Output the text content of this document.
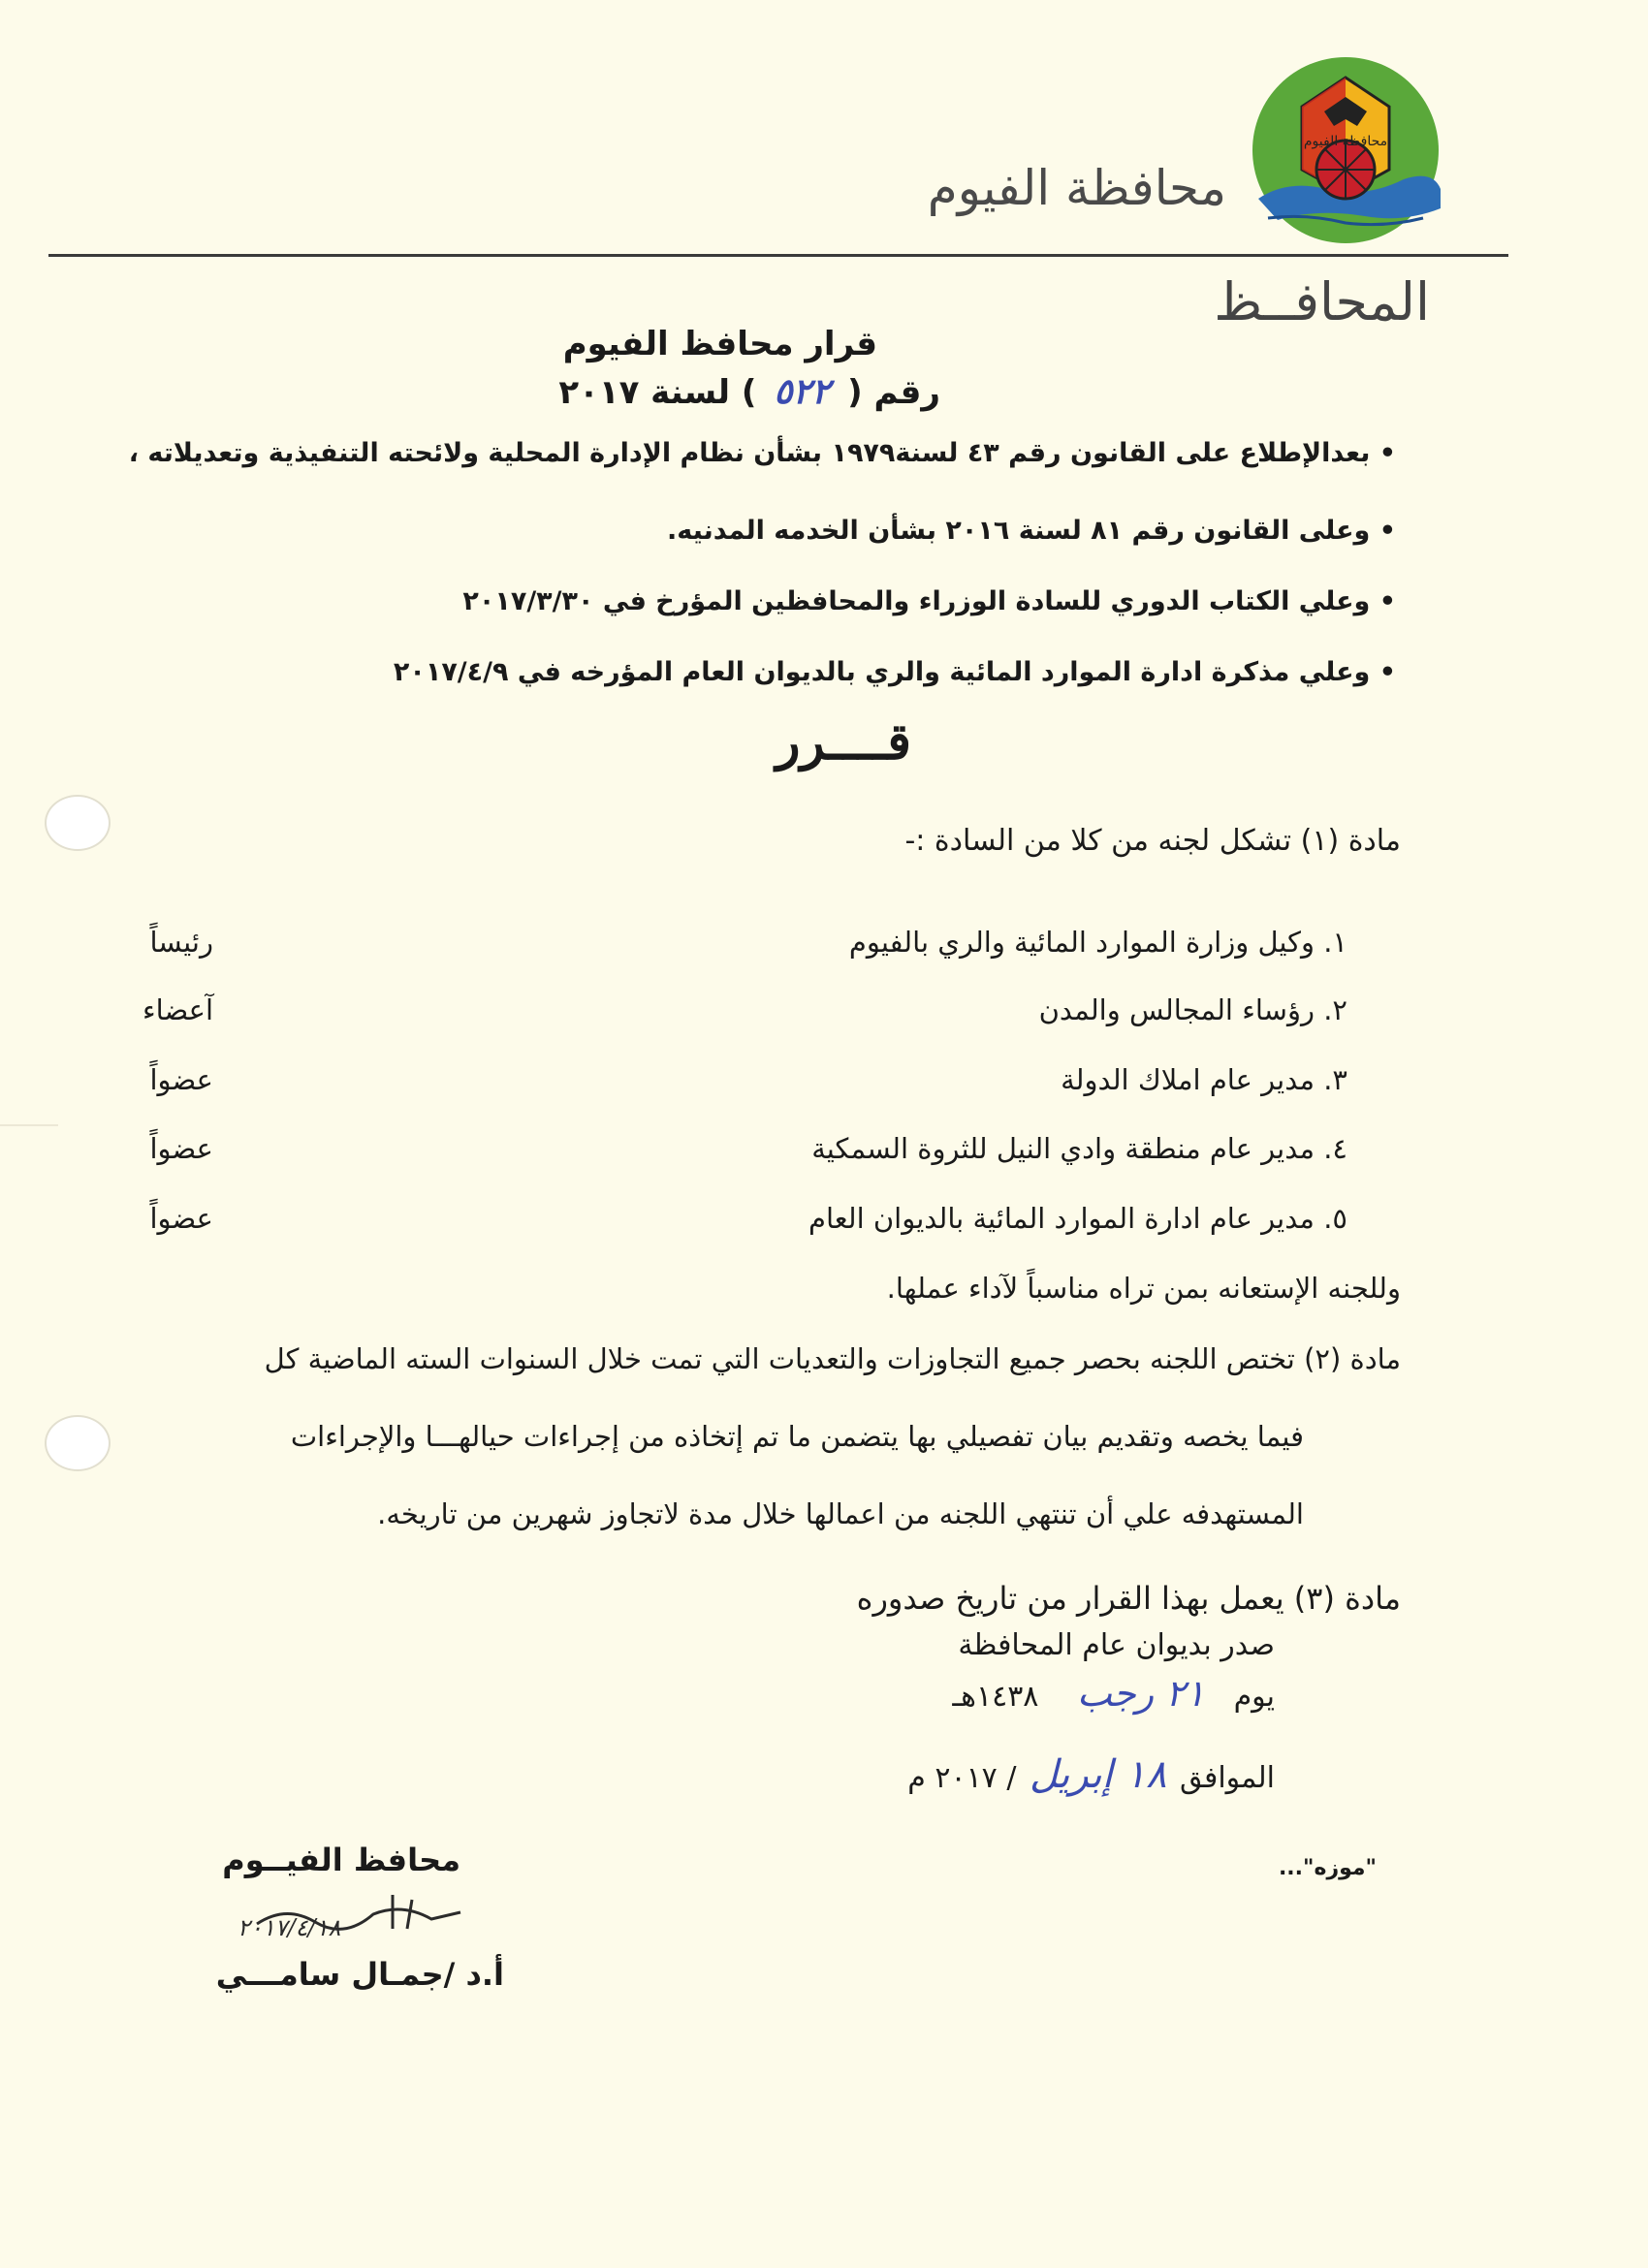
محافظة الفيوم
محافظة الفيوم
المحافــظ
قرار محافظ الفيوم
رقم ( ٥٢٢ ) لسنة ٢٠١٧
• بعدالإطلاع على القانون رقم ٤٣ لسنة١٩٧٩ بشأن نظام الإدارة المحلية ولائحته التنفيذية وتعديلاته ،
• وعلى القانون رقم ٨١ لسنة ٢٠١٦ بشأن الخدمه المدنيه.
• وعلي الكتاب الدوري للسادة الوزراء والمحافظين المؤرخ في ٢٠١٧/٣/٣٠
• وعلي مذكرة ادارة الموارد المائية والري بالديوان العام المؤرخه في ٢٠١٧/٤/٩
قــــرر
مادة (١) تشكل لجنه من كلا من السادة :-
١. وكيل وزارة الموارد المائية والري بالفيوم
رئيساً
٢. رؤساء المجالس والمدن
آعضاء
٣. مدير عام املاك الدولة
عضواً
٤. مدير عام منطقة وادي النيل للثروة السمكية
عضواً
٥. مدير عام ادارة الموارد المائية بالديوان العام
عضواً
وللجنه الإستعانه بمن تراه مناسباً لآداء عملها.
مادة (٢) تختص اللجنه بحصر جميع التجاوزات والتعديات التي تمت خلال السنوات السته الماضية كل
فيما يخصه وتقديم بيان تفصيلي بها يتضمن ما تم إتخاذه من إجراءات حيالهـــا والإجراءات
المستهدفه علي أن تنتهي اللجنه من اعمالها خلال مدة لاتجاوز شهرين من تاريخه.
مادة (٣) يعمل بهذا القرار من تاريخ صدوره
صدر بديوان عام المحافظة
يوم ٢١ رجب ١٤٣٨هـ
الموافق ١٨ إبريل / ٢٠١٧ م
"موزه"...
محافظ الفيــوم
٢٠١٧/٤/١٨
أ.د /جمـال سامـــي
